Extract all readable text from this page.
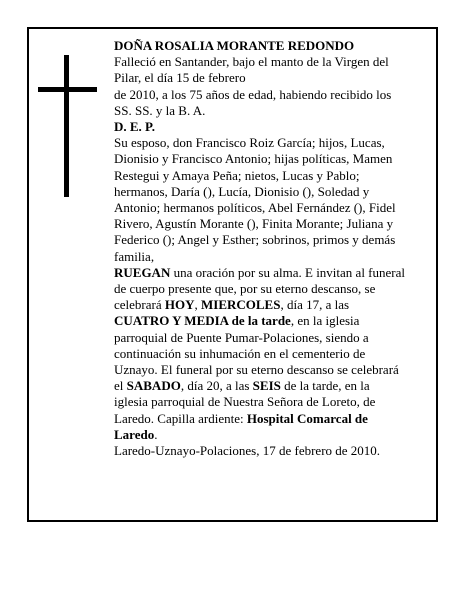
DOÑA ROSALIA MORANTE REDONDO

Falleció en Santander, bajo el manto de la Virgen del
Pilar, el día 15 de febrero
de 2010, a los 75 años de edad, habiendo recibido los
SS. SS. y la B. A.

D. E. P.

Su esposo, don Francisco Roiz García; hijos, Lucas,
Dionisio y Francisco Antonio; hijas políticas, Mamen
Restegui y Amaya Peña; nietos, Lucas y Pablo;
hermanos, Daría (), Lucía, Dionisio (), Soledad y
Antonio; hermanos políticos, Abel Fernández (), Fidel
Rivero, Agustín Morante (), Finita Morante; Juliana y
Federico (); Angel y Esther; sobrinos, primos y demás
familia,

RUEGAN una oración por su alma. E invitan al funeral
de cuerpo presente que, por su eterno descanso, se
celebrará HOY, MIERCOLES, día 17, a las
CUATRO Y MEDIA de la tarde, en la iglesia
parroquial de Puente Pumar-Polaciones, siendo a
continuación su inhumación en el cementerio de
Uznayo. El funeral por su eterno descanso se celebrará
el SABADO, día 20, a las SEIS de la tarde, en la
iglesia parroquial de Nuestra Señora de Loreto, de
Laredo. Capilla ardiente: Hospital Comarcal de
Laredo.

Laredo-Uznayo-Polaciones, 17 de febrero de 2010.
